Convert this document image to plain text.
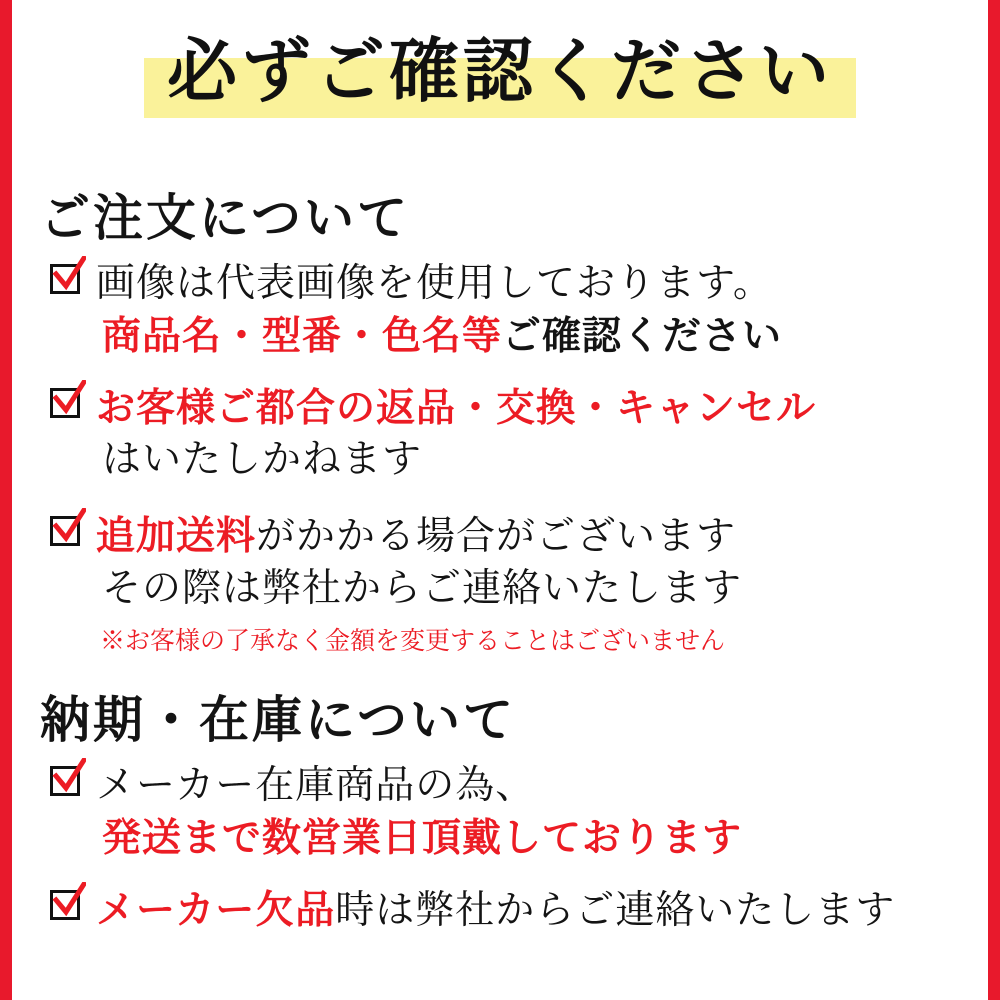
必ずご確認ください
ご注文について
画像は代表画像を使用しております。 商品名・型番・色名等ご確認ください
お客様ご都合の返品・交換・キャンセル はいたしかねます
追加送料がかかる場合がございます その際は弊社からご連絡いたします
※お客様の了承なく金額を変更することはございません
納期・在庫について
メーカー在庫商品の為、 発送まで数営業日頂戴しております
メーカー欠品時は弊社からご連絡いたします
